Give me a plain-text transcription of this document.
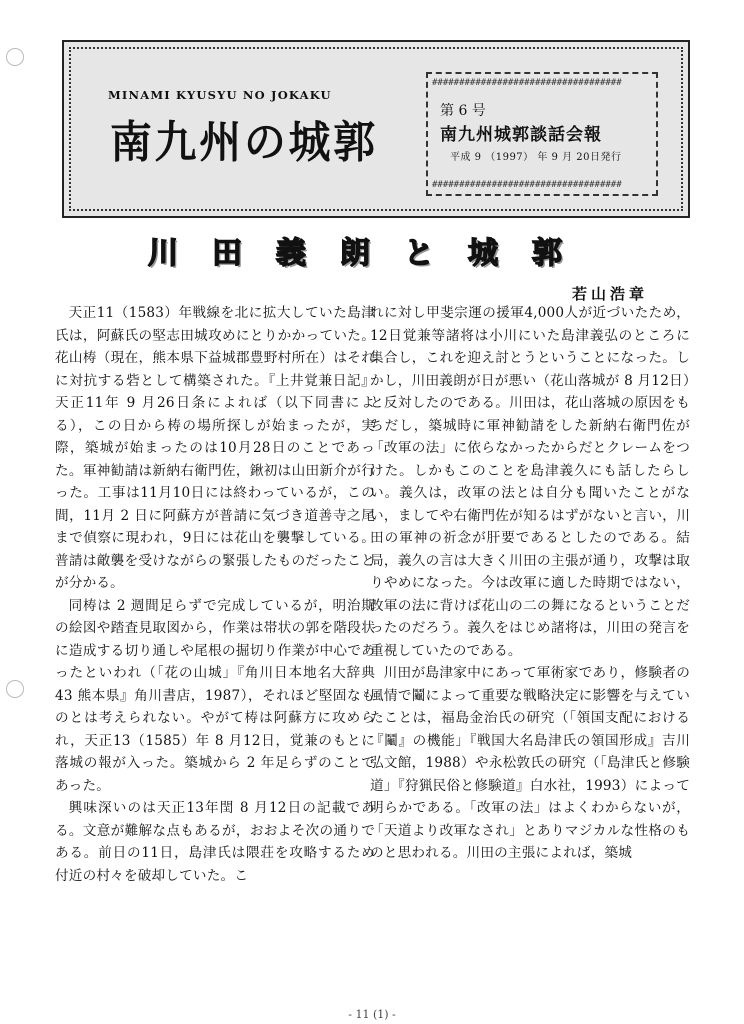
MINAMI KYUSYU NO JOKAKU
南九州の城郭
###################################
第 6 号
南九州城郭談話会報
平成 9 （1997） 年 9 月 20日発行
###################################
川田義朗と城郭
若山浩章

天正11（1583）年戦線を北に拡大していた島津氏は，阿蘇氏の堅志田城攻めにとりかかっていた。花山梼（現在，熊本県下益城郡豊野村所在）はそれに対抗する砦として構築された。『上井覚兼日記』天正11年 9 月26日条によれば（以下同書による），この日から梼の場所探しが始まったが，実際，築城が始まったのは10月28日のことであった。軍神勧請は新納右衛門佐，鍬初は山田新介が行った。工事は11月10日には終わっているが，この間，11月 2 日に阿蘇方が普請に気づき道善寺之尾まで偵察に現われ，9日には花山を襲撃している。普請は敵襲を受けながらの緊張したものだったことが分かる。

同梼は 2 週間足らずで完成しているが，明治期の絵図や踏査見取図から，作業は帯状の郭を階段状に造成する切り通しや尾根の掘切り作業が中心であったといわれ（「花の山城」『角川日本地名大辞典 43 熊本県』角川書店，1987），それほど堅固なものとは考えられない。やがて梼は阿蘇方に攻められ，天正13（1585）年 8 月12日，覚兼のもとに落城の報が入った。築城から 2 年足らずのことであった。

興味深いのは天正13年閏 8 月12日の記載である。文意が難解な点もあるが，おおよそ次の通りである。前日の11日，島津氏は隈荘を攻略するため付近の村々を破却していた。こ

れに対し甲斐宗運の援軍4,000人が近づいたため，12日覚兼等諸将は小川にいた島津義弘のところに集合し，これを迎え討とうということになった。しかし，川田義朗が日が悪い（花山落城が 8 月12日）と反対したのである。川田は，花山落城の原因をもちだし，築城時に軍神勧請をした新納右衛門佐が「改軍の法」に依らなかったからだとクレームをつけた。しかもこのことを島津義久にも話したらしい。義久は，改軍の法とは自分も聞いたことがない，ましてや右衛門佐が知るはずがないと言い，川田の軍神の祈念が肝要であるとしたのである。結局，義久の言は大きく川田の主張が通り，攻撃は取りやめになった。今は改軍に適した時期ではない，改軍の法に背けば花山の二の舞になるということだったのだろう。義久をはじめ諸将は，川田の発言を重視していたのである。

川田が島津家中にあって軍術家であり，修験者の風情で鬮によって重要な戦略決定に影響を与えていたことは，福島金治氏の研究（「領国支配における『鬮』の機能」『戦国大名島津氏の領国形成』吉川弘文館，1988）や永松敦氏の研究（「島津氏と修験道」『狩猟民俗と修験道』白水社，1993）によって明らかである。「改軍の法」はよくわからないが，「天道より改軍なされ」とありマジカルな性格のものと思われる。川田の主張によれば，築城

- 11 (1) -
